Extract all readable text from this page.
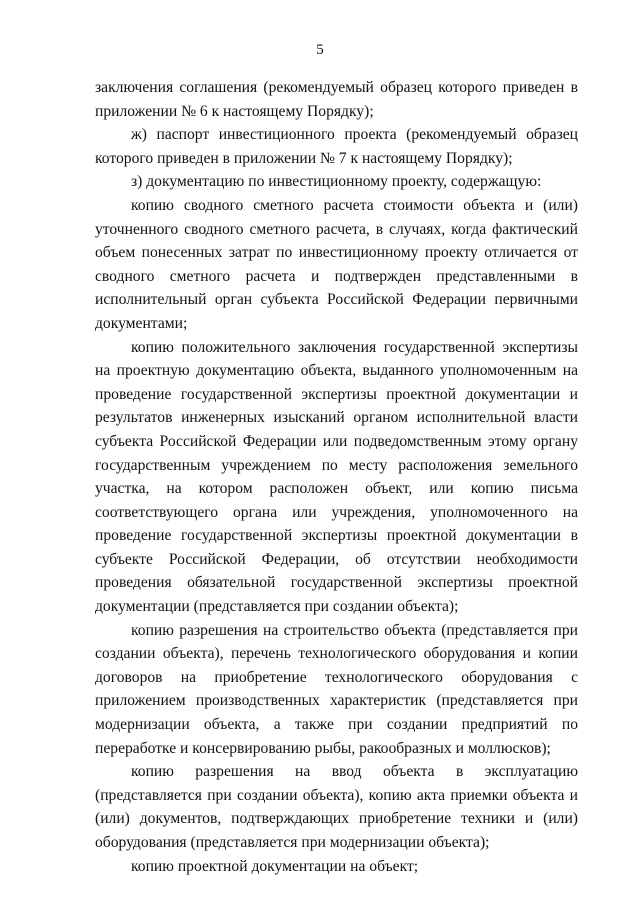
5

заключения соглашения (рекомендуемый образец которого приведен в приложении № 6 к настоящему Порядку);

ж) паспорт инвестиционного проекта (рекомендуемый образец которого приведен в приложении № 7 к настоящему Порядку);

з) документацию по инвестиционному проекту, содержащую:

копию сводного сметного расчета стоимости объекта и (или) уточненного сводного сметного расчета, в случаях, когда фактический объем понесенных затрат по инвестиционному проекту отличается от сводного сметного расчета и подтвержден представленными в исполнительный орган субъекта Российской Федерации первичными документами;

копию положительного заключения государственной экспертизы на проектную документацию объекта, выданного уполномоченным на проведение государственной экспертизы проектной документации и результатов инженерных изысканий органом исполнительной власти субъекта Российской Федерации или подведомственным этому органу государственным учреждением по месту расположения земельного участка, на котором расположен объект, или копию письма соответствующего органа или учреждения, уполномоченного на проведение государственной экспертизы проектной документации в субъекте Российской Федерации, об отсутствии необходимости проведения обязательной государственной экспертизы проектной документации (представляется при создании объекта);

копию разрешения на строительство объекта (представляется при создании объекта), перечень технологического оборудования и копии договоров на приобретение технологического оборудования с приложением производственных характеристик (представляется при модернизации объекта, а также при создании предприятий по переработке и консервированию рыбы, ракообразных и моллюсков);

копию разрешения на ввод объекта в эксплуатацию (представляется при создании объекта), копию акта приемки объекта и (или) документов, подтверждающих приобретение техники и (или) оборудования (представляется при модернизации объекта);

копию проектной документации на объект;
